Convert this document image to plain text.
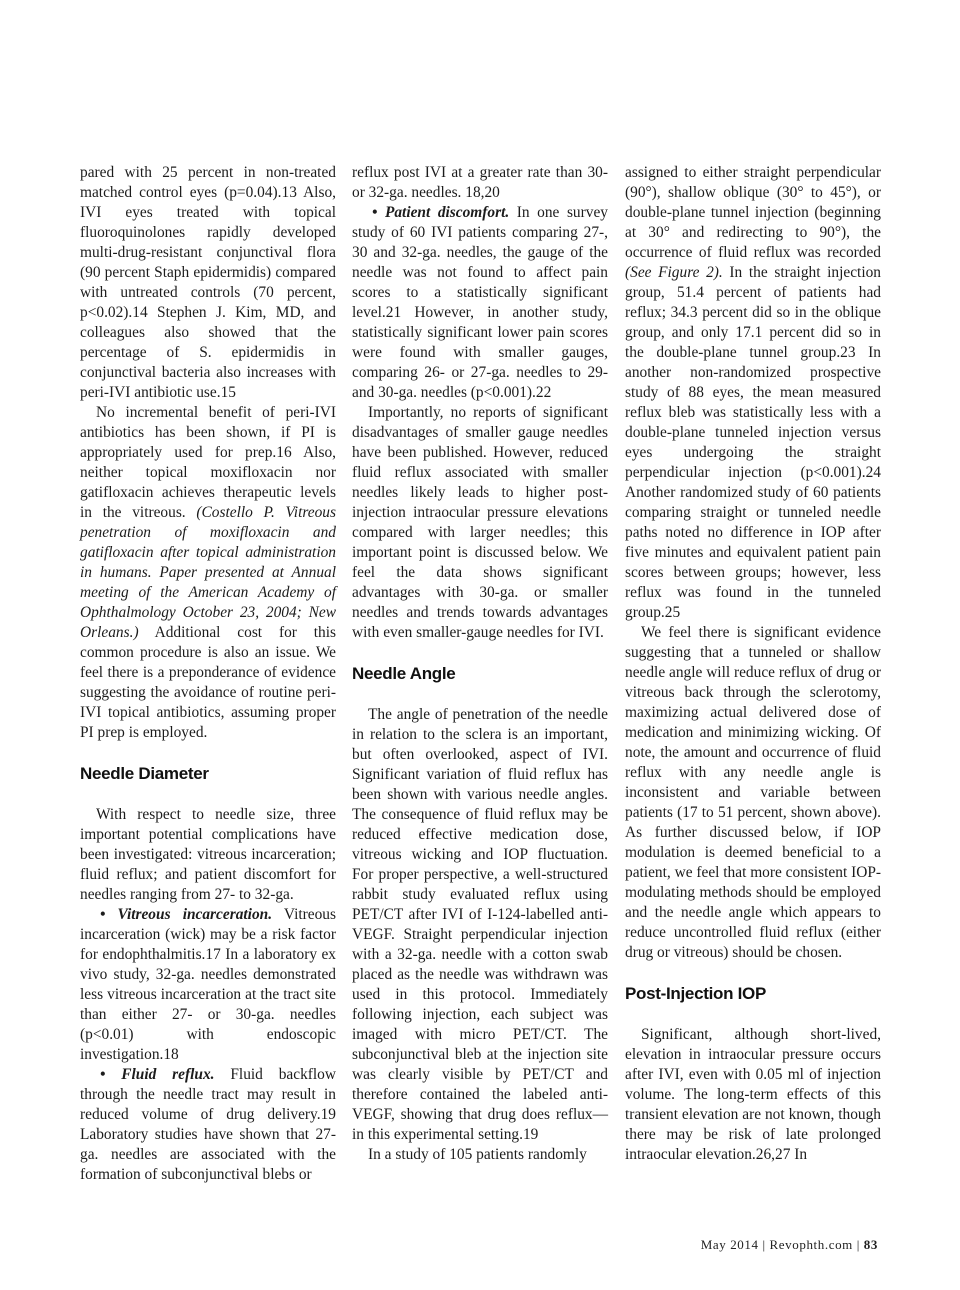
pared with 25 percent in non-treated matched control eyes (p=0.04).13 Also, IVI eyes treated with topical fluoroquinolones rapidly developed multi-drug-resistant conjunctival flora (90 percent Staph epidermidis) compared with untreated controls (70 percent, p<0.02).14 Stephen J. Kim, MD, and colleagues also showed that the percentage of S. epidermidis in conjunctival bacteria also increases with peri-IVI antibiotic use.15

No incremental benefit of peri-IVI antibiotics has been shown, if PI is appropriately used for prep.16 Also, neither topical moxifloxacin nor gatifloxacin achieves therapeutic levels in the vitreous. (Costello P. Vitreous penetration of moxifloxacin and gatifloxacin after topical administration in humans. Paper presented at Annual meeting of the American Academy of Ophthalmology October 23, 2004; New Orleans.) Additional cost for this common procedure is also an issue. We feel there is a preponderance of evidence suggesting the avoidance of routine peri-IVI topical antibiotics, assuming proper PI prep is employed.

Needle Diameter

With respect to needle size, three important potential complications have been investigated: vitreous incarceration; fluid reflux; and patient discomfort for needles ranging from 27- to 32-ga.

• Vitreous incarceration. Vitreous incarceration (wick) may be a risk factor for endophthalmitis.17 In a laboratory ex vivo study, 32-ga. needles demonstrated less vitreous incarceration at the tract site than either 27- or 30-ga. needles (p<0.01) with endoscopic investigation.18

• Fluid reflux. Fluid backflow through the needle tract may result in reduced volume of drug delivery.19 Laboratory studies have shown that 27-ga. needles are associated with the formation of subconjunctival blebs or

reflux post IVI at a greater rate than 30- or 32-ga. needles. 18,20

• Patient discomfort. In one survey study of 60 IVI patients comparing 27-, 30 and 32-ga. needles, the gauge of the needle was not found to affect pain scores to a statistically significant level.21 However, in another study, statistically significant lower pain scores were found with smaller gauges, comparing 26- or 27-ga. needles to 29- and 30-ga. needles (p<0.001).22

Importantly, no reports of significant disadvantages of smaller gauge needles have been published. However, reduced fluid reflux associated with smaller needles likely leads to higher post-injection intraocular pressure elevations compared with larger needles; this important point is discussed below. We feel the data shows significant advantages with 30-ga. or smaller needles and trends towards advantages with even smaller-gauge needles for IVI.

Needle Angle

The angle of penetration of the needle in relation to the sclera is an important, but often overlooked, aspect of IVI. Significant variation of fluid reflux has been shown with various needle angles. The consequence of fluid reflux may be reduced effective medication dose, vitreous wicking and IOP fluctuation. For proper perspective, a well-structured rabbit study evaluated reflux using PET/CT after IVI of I-124-labelled anti-VEGF. Straight perpendicular injection with a 32-ga. needle with a cotton swab placed as the needle was withdrawn was used in this protocol. Immediately following injection, each subject was imaged with micro PET/CT. The subconjunctival bleb at the injection site was clearly visible by PET/CT and therefore contained the labeled anti-VEGF, showing that drug does reflux—in this experimental setting.19

In a study of 105 patients randomly

assigned to either straight perpendicular (90°), shallow oblique (30° to 45°), or double-plane tunnel injection (beginning at 30° and redirecting to 90°), the occurrence of fluid reflux was recorded (See Figure 2). In the straight injection group, 51.4 percent of patients had reflux; 34.3 percent did so in the oblique group, and only 17.1 percent did so in the double-plane tunnel group.23 In another non-randomized prospective study of 88 eyes, the mean measured reflux bleb was statistically less with a double-plane tunneled injection versus eyes undergoing the straight perpendicular injection (p<0.001).24 Another randomized study of 60 patients comparing straight or tunneled needle paths noted no difference in IOP after five minutes and equivalent patient pain scores between groups; however, less reflux was found in the tunneled group.25

We feel there is significant evidence suggesting that a tunneled or shallow needle angle will reduce reflux of drug or vitreous back through the sclerotomy, maximizing actual delivered dose of medication and minimizing wicking. Of note, the amount and occurrence of fluid reflux with any needle angle is inconsistent and variable between patients (17 to 51 percent, shown above). As further discussed below, if IOP modulation is deemed beneficial to a patient, we feel that more consistent IOP-modulating methods should be employed and the needle angle which appears to reduce uncontrolled fluid reflux (either drug or vitreous) should be chosen.

Post-Injection IOP

Significant, although short-lived, elevation in intraocular pressure occurs after IVI, even with 0.05 ml of injection volume. The long-term effects of this transient elevation are not known, though there may be risk of late prolonged intraocular elevation.26,27 In

May 2014 | Revophth.com | 83
